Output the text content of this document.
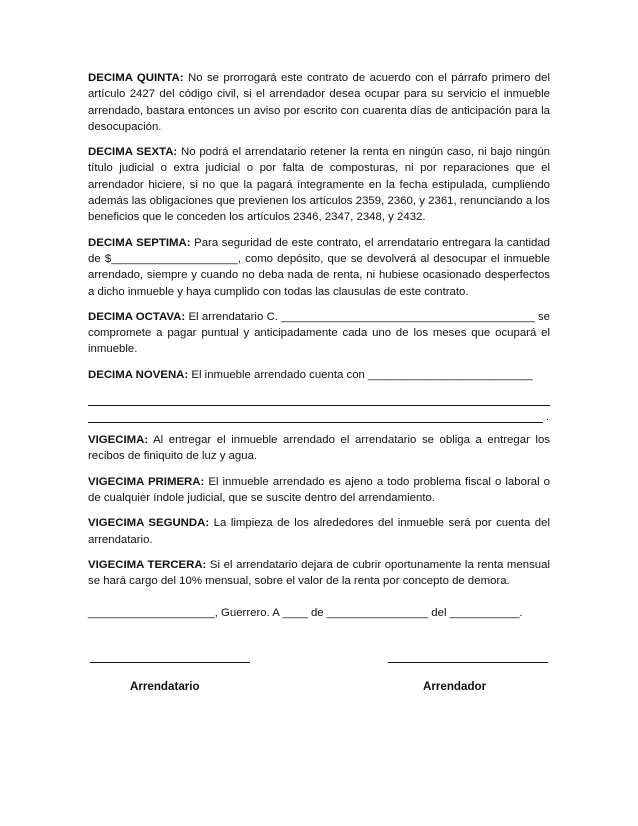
DECIMA QUINTA: No se prorrogará este contrato de acuerdo con el párrafo primero del artículo 2427 del código civil, si el arrendador desea ocupar para su servicio el inmueble arrendado, bastara entonces un aviso por escrito con cuarenta días de anticipación para la desocupación.

DECIMA SEXTA: No podrá el arrendatario retener la renta en ningún caso, ni bajo ningún título judicial o extra judicial o por falta de composturas, ni por reparaciones que el arrendador hiciere, si no que la pagará íntegramente en la fecha estipulada, cumpliendo además las obligaciones que previenen los artículos 2359, 2360, y 2361, renunciando a los beneficios que le conceden los artículos 2346, 2347, 2348, y 2432.

DECIMA SEPTIMA: Para seguridad de este contrato, el arrendatario entregara la cantidad de $____________________, como depósito, que se devolverá al desocupar el inmueble arrendado, siempre y cuando no deba nada de renta, ni hubiese ocasionado desperfectos a dicho inmueble y haya cumplido con todas las clausulas de este contrato.

DECIMA OCTAVA: El arrendatario C. ________________________________________ se compromete a pagar puntual y anticipadamente cada uno de los meses que ocupará el inmueble.

DECIMA NOVENA: El inmueble arrendado cuenta con __________________________

.

VIGECIMA: Al entregar el inmueble arrendado el arrendatario se obliga a entregar los recibos de finiquito de luz y agua.

VIGECIMA PRIMERA: El inmueble arrendado es ajeno a todo problema fiscal o laboral o de cualquier índole judicial, que se suscite dentro del arrendamiento.

VIGECIMA SEGUNDA: La limpieza de los alrededores del inmueble será por cuenta del arrendatario.

VIGECIMA TERCERA: Si el arrendatario dejara de cubrir oportunamente la renta mensual se hará cargo del 10% mensual, sobre el valor de la renta por concepto de demora.

____________________, Guerrero. A ____ de ________________ del ___________.

Arrendatario	Arrendador
